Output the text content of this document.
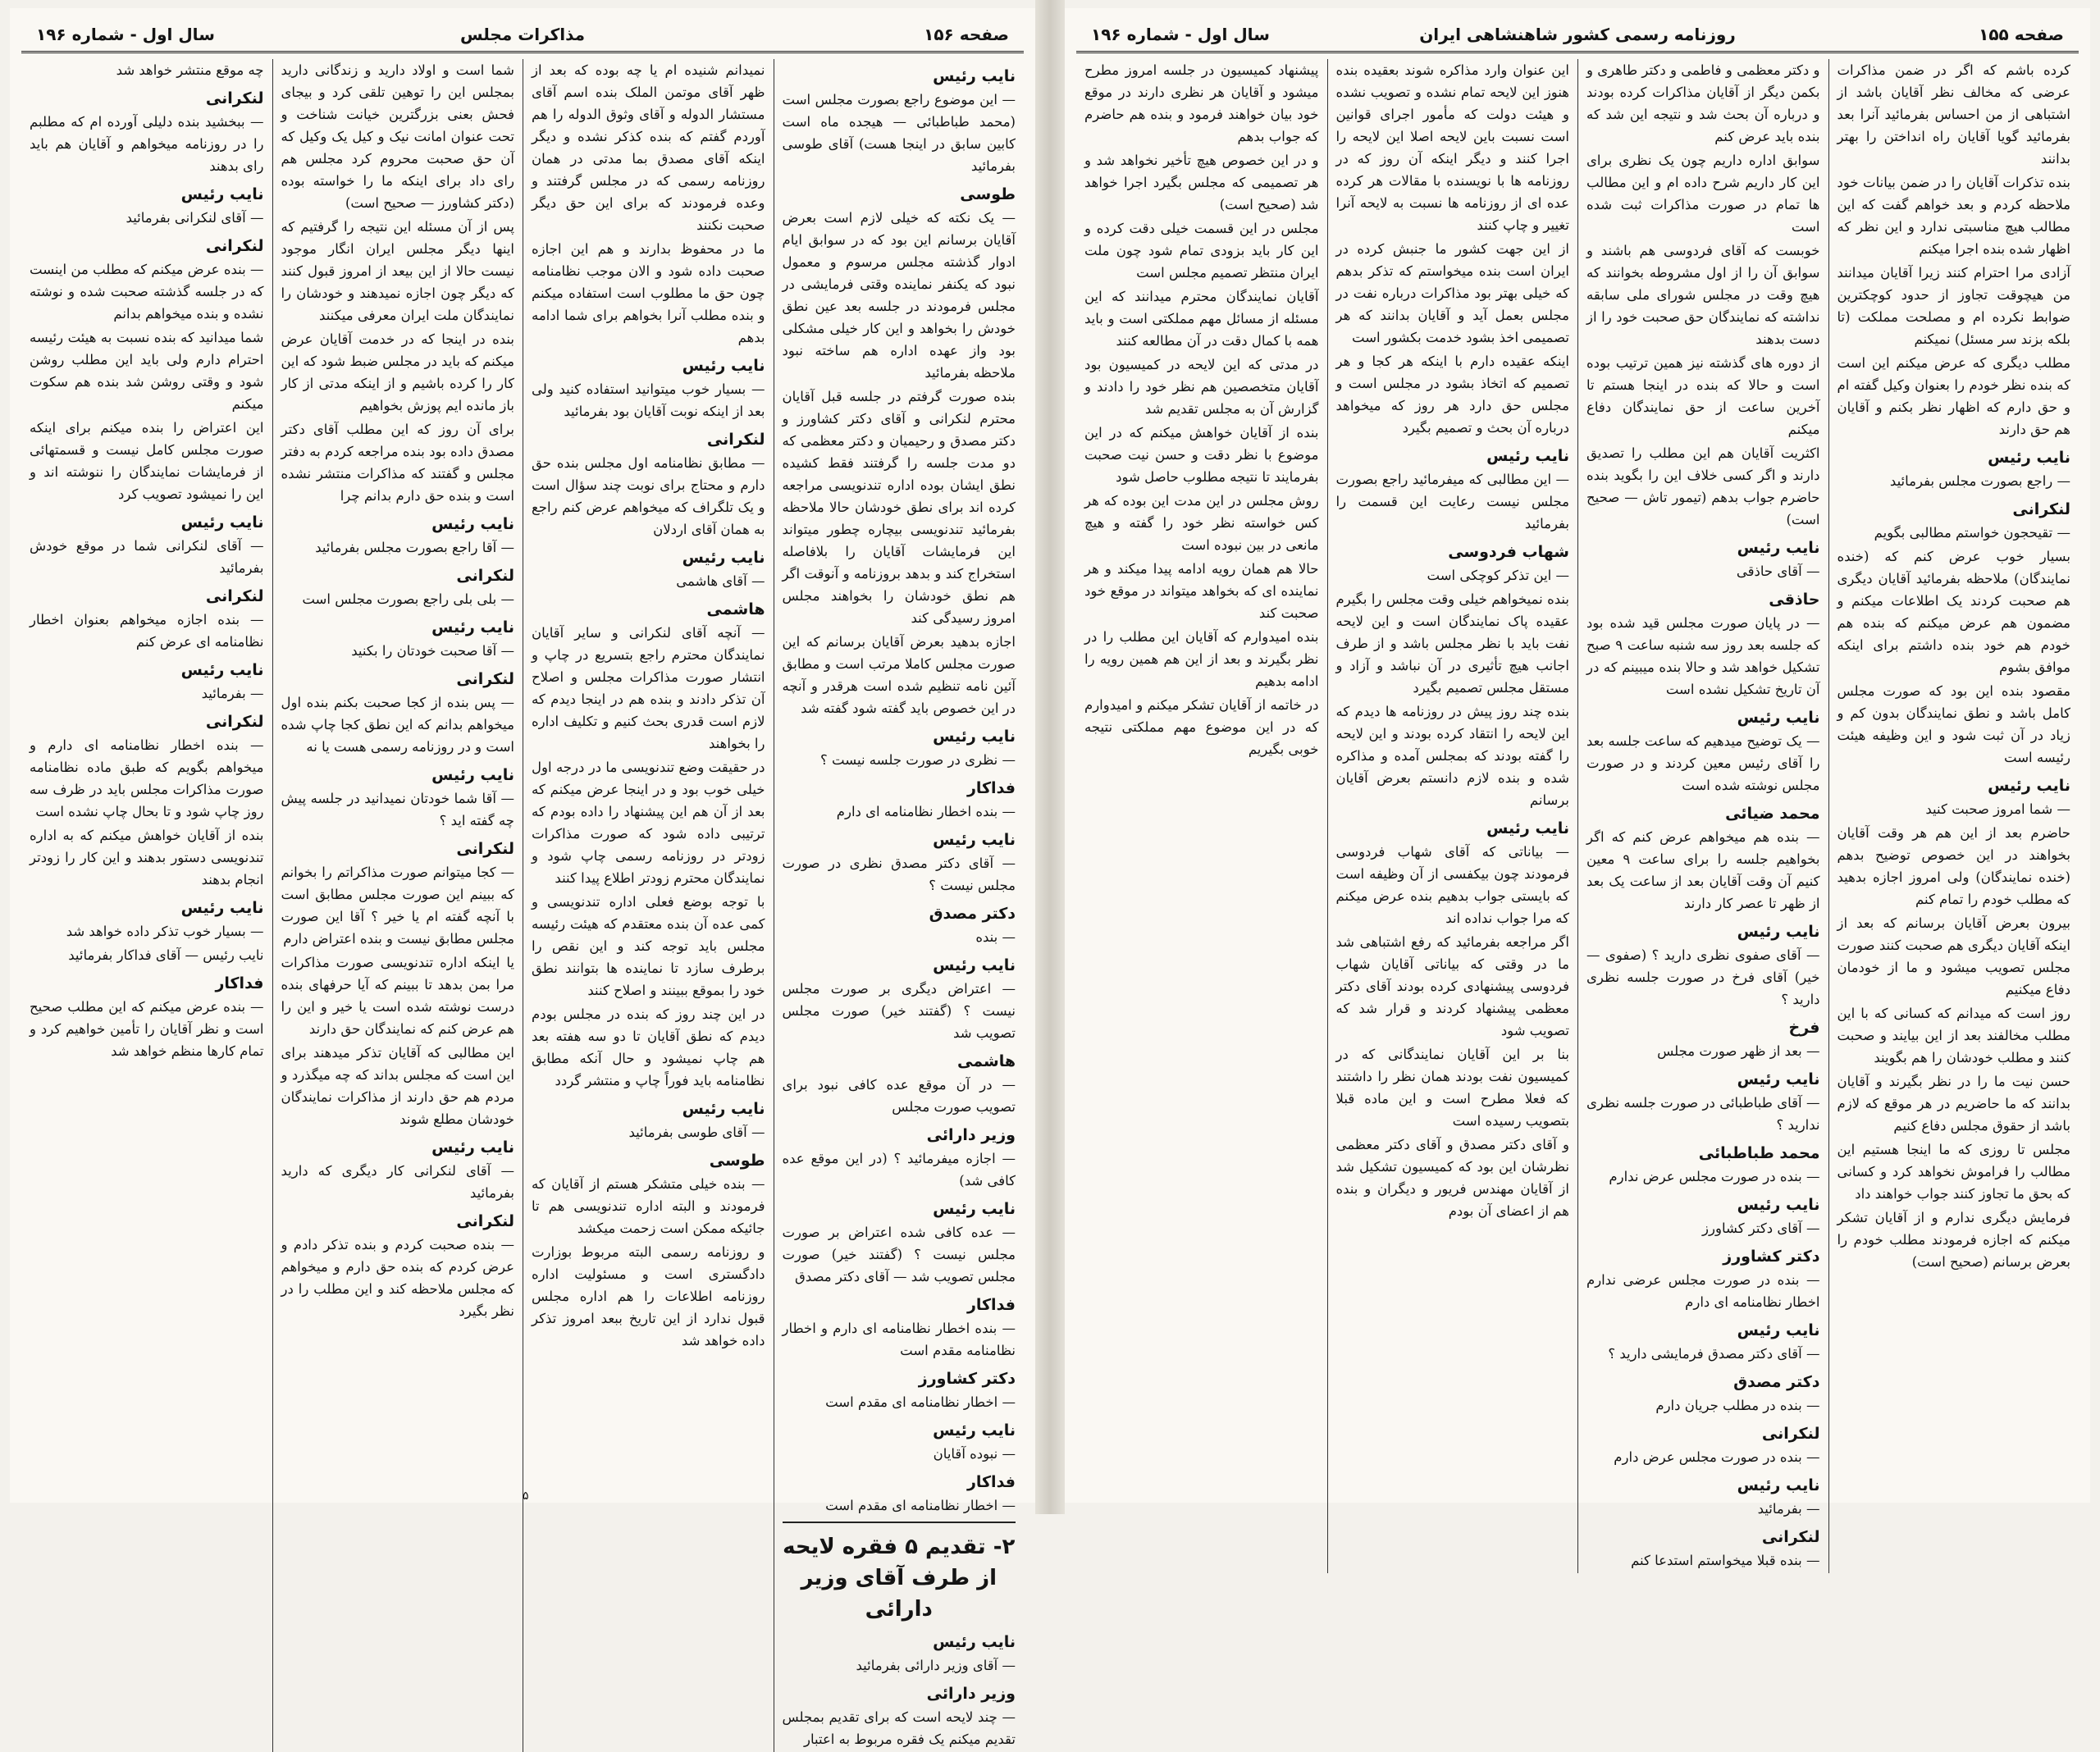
صفحه ۱۵۶
مذاکرات مجلس
سال اول - شماره ۱۹۶
نایب رئیس
— این موضوع راجع بصورت مجلس است (محمد طباطبائی — هیجده ماه است کابین سابق در اینجا هست) آقای طوسی بفرمائید
طوسی
— یک نکته که خیلی لازم است بعرض آقایان برسانم این بود که در سوابق ایام ادوار گذشته مجلس مرسوم و معمول نبود که یکنفر نماینده وقتی فرمایشی در مجلس فرمودند در جلسه بعد عین نطق خودش را بخواهد و این کار خیلی مشکلی بود واز عهده اداره هم ساخته نبود ملاحظه بفرمائید
بنده صورت گرفتم در جلسه قبل آقایان محترم لنکرانی و آقای دکتر کشاورز و دکتر مصدق و رحیمیان و دکتر معظمی که دو مدت جلسه را گرفتند فقط کشیده نطق ایشان بوده اداره تندنویسی مراجعه کرده اند برای نطق خودشان حالا ملاحظه بفرمائید تندنویسی بیچاره چطور میتواند این فرمایشات آقایان را بلافاصله استخراج کند و بدهد بروزنامه و آنوقت اگر هم نطق خودشان را بخواهند مجلس امروز رسیدگی کند
اجازه بدهید بعرض آقایان برسانم که این صورت مجلس کاملا مرتب است و مطابق آئین نامه تنظیم شده است هرقدر و آنچه در این خصوص باید گفته شود گفته شد
نایب رئیس
— نظری در صورت جلسه نیست ؟
فداکار
— بنده اخطار نظامنامه ای دارم
نایب رئیس
— آقای دکتر مصدق نظری در صورت مجلس نیست ؟
دکتر مصدق
— بنده
نایب رئیس
— اعتراض دیگری بر صورت مجلس نیست ؟ (گفتند خیر) صورت مجلس تصویب شد
هاشمی
— در آن موقع عده کافی نبود برای تصویب صورت مجلس
وزیر دارائی
— اجازه میفرمائید ؟ (در این موقع عده کافی شد)
نایب رئیس
— عده کافی شده اعتراض بر صورت مجلس نیست ؟ (گفتند خیر) صورت مجلس تصویب شد — آقای دکتر مصدق
فداکار
— بنده اخطار نظامنامه ای دارم و اخطار نظامنامه مقدم است
دکتر کشاورز
— اخطار نظامنامه ای مقدم است
نایب رئیس
— نبوده آقایان
فداکار
— اخطار نظامنامه ای مقدم است
۲- تقدیم ۵ فقره لایحه از طرف آقای وزیر دارائی
نایب رئیس
— آقای وزیر دارائی بفرمائید
وزیر دارائی
— چند لایحه است که برای تقدیم بمجلس تقدیم میکنم یک فقره مربوط به اعتبار
نمیدانم شنیده ام یا چه بوده که بعد از ظهر آقای موتمن الملک بنده اسم آقای مستشار الدوله و آقای وثوق الدوله را هم آوردم گفتم که بنده کذکر نشده و دیگر اینکه آقای مصدق بما مدتی در همان روزنامه رسمی که در مجلس گرفتند و وعده فرمودند که برای این حق دیگر صحبت نکنند
ما در محفوظ بدارند و هم این اجازه صحبت داده شود و الان موجب نظامنامه چون حق ما مطلوب است استفاده میکنم و بنده مطلب آنرا بخواهم برای شما ادامه بدهم
نایب رئیس
— بسیار خوب میتوانید استفاده کنید ولی بعد از اینکه نوبت آقایان بود بفرمائید
لنکرانی
— مطابق نظامنامه اول مجلس بنده حق دارم و محتاج برای نوبت چند سؤال است و یک تلگراف که میخواهم عرض کنم راجع به همان آقای اردلان
نایب رئیس
— آقای هاشمی
هاشمی
— آنچه آقای لنکرانی و سایر آقایان نمایندگان محترم راجع بتسریع در چاپ و انتشار صورت مذاکرات مجلس و اصلاح آن تذکر دادند و بنده هم در اینجا دیدم که لازم است قدری بحث کنیم و تکلیف اداره را بخواهند
در حقیقت وضع تندنویسی ما در درجه اول خیلی خوب بود و در اینجا عرض میکنم که بعد از آن هم این پیشنهاد را داده بودم که ترتیبی داده شود که صورت مذاکرات زودتر در روزنامه رسمی چاپ شود و نمایندگان محترم زودتر اطلاع پیدا کنند
با توجه بوضع فعلی اداره تندنویسی و کمی عده آن بنده معتقدم که هیئت رئیسه مجلس باید توجه کند و این نقص را برطرف سازد تا نماینده ها بتوانند نطق خود را بموقع ببینند و اصلاح کنند
در این چند روز که بنده در مجلس بودم دیدم که نطق آقایان تا دو سه هفته بعد هم چاپ نمیشود و حال آنکه مطابق نظامنامه باید فوراً چاپ و منتشر گردد
نایب رئیس
— آقای طوسی بفرمائید
طوسی
— بنده خیلی متشکر هستم از آقایان که فرمودند و البته اداره تندنویسی هم تا جائیکه ممکن است زحمت میکشد
و روزنامه رسمی البته مربوط بوزارت دادگستری است و مسئولیت اداره روزنامه اطلاعات را هم اداره مجلس قبول ندارد از این تاریخ ببعد امروز تذکر داده خواهد شد
شما است و اولاد دارید و زندگانی دارید بمجلس این را توهین تلقی کرد و بیجای فحش بعنی بزرگترین خیانت شناخت و تحت عنوان امانت نیک و کیل یک وکیل که آن حق صحبت محروم کرد مجلس هم رای داد برای اینکه ما را خواسته بوده (دکتر کشاورز — صحیح است)
پس از آن مسئله این نتیجه را گرفتیم که اینها دیگر مجلس ایران انگار موجود نیست حالا از این بیعد از امروز قبول کنند که دیگر چون اجازه نمیدهند و خودشان را نمایندگان ملت ایران معرفی میکنند
بنده در اینجا که در خدمت آقایان عرض میکنم که باید در مجلس ضبط شود که این کار را کرده باشیم و از اینکه مدتی از کار باز مانده ایم پوزش بخواهیم
برای آن روز که این مطلب آقای دکتر مصدق داده بود بنده مراجعه کردم به دفتر مجلس و گفتند که مذاکرات منتشر نشده است و بنده حق دارم بدانم چرا
نایب رئیس
— آقا راجع بصورت مجلس بفرمائید
لنکرانی
— بلی بلی راجع بصورت مجلس است
نایب رئیس
— آقا صحبت خودتان را بکنید
لنکرانی
— پس بنده از کجا صحبت بکنم بنده اول میخواهم بدانم که این نطق کجا چاپ شده است و در روزنامه رسمی هست یا نه
نایب رئیس
— آقا شما خودتان نمیدانید در جلسه پیش چه گفته اید ؟
لنکرانی
— کجا میتوانم صورت مذاکراتم را بخوانم که ببینم این صورت مجلس مطابق است با آنچه گفته ام یا خیر ؟ آقا این صورت مجلس مطابق نیست و بنده اعتراض دارم
یا اینکه اداره تندنویسی صورت مذاکرات مرا بمن بدهد تا ببینم که آیا حرفهای بنده درست نوشته شده است یا خیر و این را هم عرض کنم که نمایندگان حق دارند
این مطالبی که آقایان تذکر میدهند برای این است که مجلس بداند که چه میگذرد و مردم هم حق دارند از مذاکرات نمایندگان خودشان مطلع شوند
نایب رئیس
— آقای لنکرانی کار دیگری که دارید بفرمائید
لنکرانی
— بنده صحبت کردم و بنده تذکر دادم و عرض کردم که بنده حق دارم و میخواهم که مجلس ملاحظه کند و این مطلب را در نظر بگیرد
چه موقع منتشر خواهد شد
لنکرانی
— ببخشید بنده دلیلی آورده ام که مطلبم را در روزنامه میخواهم و آقایان هم باید رای بدهند
نایب رئیس
— آقای لنکرانی بفرمائید
لنکرانی
— بنده عرض میکنم که مطلب من اینست که در جلسه گذشته صحبت شده و نوشته نشده و بنده میخواهم بدانم
شما میدانید که بنده نسبت به هیئت رئیسه احترام دارم ولی باید این مطلب روشن شود و وقتی روشن شد بنده هم سکوت میکنم
این اعتراض را بنده میکنم برای اینکه صورت مجلس کامل نیست و قسمتهائی از فرمایشات نمایندگان را ننوشته اند و این را نمیشود تصویب کرد
نایب رئیس
— آقای لنکرانی شما در موقع خودش بفرمائید
لنکرانی
— بنده اجازه میخواهم بعنوان اخطار نظامنامه ای عرض کنم
نایب رئیس
— بفرمائید
لنکرانی
— بنده اخطار نظامنامه ای دارم و میخواهم بگویم که طبق ماده نظامنامه صورت مذاکرات مجلس باید در ظرف سه روز چاپ شود و تا بحال چاپ نشده است
بنده از آقایان خواهش میکنم که به اداره تندنویسی دستور بدهند و این کار را زودتر انجام بدهند
نایب رئیس
— بسیار خوب تذکر داده خواهد شد
نایب رئیس — آقای فداکار بفرمائید
فداکار
— بنده عرض میکنم که این مطلب صحیح است و نظر آقایان را تأمین خواهیم کرد و تمام کارها منظم خواهد شد
۵
صفحه ۱۵۵
روزنامه رسمی کشور شاهنشاهی ایران
سال اول - شماره ۱۹۶
کرده باشم که اگر در ضمن مذاکرات عرضی که مخالف نظر آقایان باشد از اشتباهی از من احساس بفرمائید آنرا بعد بفرمائید گویا آقایان راه انداختن را بهتر بدانند
بنده تذکرات آقایان را در ضمن بیانات خود ملاحظه کردم و بعد خواهم گفت که این مطالب هیچ مناسبتی ندارد و این نظر که اظهار شده بنده اجرا میکنم
آزادی مرا احترام کنند زیرا آقایان میدانند من هیچوقت تجاوز از حدود کوچکترین ضوابط نکرده ام و مصلحت مملکت (تا بلکه بزند سر مسئل) نمیکنم
مطلب دیگری که عرض میکنم این است که بنده نظر خودم را بعنوان وکیل گفته ام و حق دارم که اظهار نظر بکنم و آقایان هم حق دارند
نایب رئیس
— راجع بصورت مجلس بفرمائید
لنکرانی
— تقیحجون خواستم مطالبی بگویم
بسیار خوب عرض کنم که (خنده نمایندگان) ملاحظه بفرمائید آقایان دیگری هم صحبت کردند یک اطلاعات میکنم و مضمون هم عرض میکنم که بنده هم خودم هم خود بنده داشتم برای اینکه موافق بشوم
مقصود بنده این بود که صورت مجلس کامل باشد و نطق نمایندگان بدون کم و زیاد در آن ثبت شود و این وظیفه هیئت رئیسه است
نایب رئیس
— شما امروز صحبت کنید
حاضرم بعد از این هم هر وقت آقایان بخواهند در این خصوص توضیح بدهم (خنده نمایندگان) ولی امروز اجازه بدهید که مطلب خودم را تمام کنم
بیرون بعرض آقایان برسانم که بعد از اینکه آقایان دیگری هم صحبت کنند صورت مجلس تصویب میشود و ما از خودمان دفاع میکنیم
روز است که میدانم که کسانی که با این مطلب مخالفند بعد از این بیایند و صحبت کنند و مطلب خودشان را هم بگویند
حسن نیت ما را در نظر بگیرند و آقایان بدانند که ما حاضریم در هر موقع که لازم باشد از حقوق مجلس دفاع کنیم
مجلس تا روزی که ما اینجا هستیم این مطالب را فراموش نخواهد کرد و کسانی که بحق ما تجاوز کنند جواب خواهند داد
فرمایش دیگری ندارم و از آقایان تشکر میکنم که اجازه فرمودند مطلب خودم را بعرض برسانم (صحیح است)
و دکتر معظمی و فاطمی و دکتر طاهری و بکمن دیگر از آقایان مذاکرات کرده بودند و درباره آن بحث شد و نتیجه این شد که بنده باید عرض کنم
سوابق اداره داریم چون یک نظری برای این کار داریم شرح داده ام و این مطالب ها تمام در صورت مذاکرات ثبت شده است
خوبست که آقای فردوسی هم باشند و سوابق آن را از اول مشروطه بخوانند که هیچ وقت در مجلس شورای ملی سابقه نداشته که نمایندگان حق صحبت خود را از دست بدهند
از دوره های گذشته نیز همین ترتیب بوده است و حالا که بنده در اینجا هستم تا آخرین ساعت از حق نمایندگان دفاع میکنم
اکثریت آقایان هم این مطلب را تصدیق دارند و اگر کسی خلاف این را بگوید بنده حاضرم جواب بدهم (تیمور تاش — صحیح است)
نایب رئیس
— آقای حاذقی
حاذقی
— در پایان صورت مجلس قید شده بود که جلسه بعد روز سه شنبه ساعت ۹ صبح تشکیل خواهد شد و حالا بنده میبینم که در آن تاریخ تشکیل نشده است
نایب رئیس
— یک توضیح میدهیم که ساعت جلسه بعد را آقای رئیس معین کردند و در صورت مجلس نوشته شده است
محمد ضیائی
— بنده هم میخواهم عرض کنم که اگر بخواهیم جلسه را برای ساعت ۹ معین کنیم آن وقت آقایان بعد از ساعت یک بعد از ظهر تا عصر کار دارند
نایب رئیس
— آقای صفوی نظری دارید ؟ (صفوی — خیر) آقای فرخ در صورت جلسه نظری دارید ؟
فرخ
— بعد از ظهر صورت مجلس
نایب رئیس
— آقای طباطبائی در صورت جلسه نظری ندارید ؟
محمد طباطبائی
— بنده در صورت مجلس عرض ندارم
نایب رئیس
— آقای دکتر کشاورز
دکتر کشاورز
— بنده در صورت مجلس عرضی ندارم اخطار نظامنامه ای دارم
نایب رئیس
— آقای دکتر مصدق فرمایشی دارید ؟
دکتر مصدق
— بنده در مطلب جریان دارم
لنکرانی
— بنده در صورت مجلس عرض دارم
نایب رئیس
— بفرمائید
لنکرانی
— بنده قبلا میخواستم استدعا کنم
این عنوان وارد مذاکره شوند بعقیده بنده هنوز این لایحه تمام نشده و تصویب نشده و هیئت دولت که مأمور اجرای قوانین است نسبت باین لایحه اصلا این لایحه را اجرا کنند و دیگر اینکه آن روز که در روزنامه ها با نویسنده با مقالات هر کرده عده ای از روزنامه ها نسبت به لایحه آنرا تغییر و چاپ کنند
از این جهت کشور ما جنبش کرده در ایران است بنده میخواستم که تذکر بدهم که خیلی بهتر بود مذاکرات درباره نفت در مجلس بعمل آید و آقایان بدانند که هر تصمیمی اخذ بشود خدمت بکشور است
اینکه عقیده دارم با اینکه هر کجا و هر تصمیم که اتخاذ بشود در مجلس است و مجلس حق دارد هر روز که میخواهد درباره آن بحث و تصمیم بگیرد
نایب رئیس
— این مطالبی که میفرمائید راجع بصورت مجلس نیست رعایت این قسمت را بفرمائید
شهاب فردوسی
— این تذکر کوچکی است
بنده نمیخواهم خیلی وقت مجلس را بگیرم عقیده پاک نمایندگان است و این لایحه نفت باید با نظر مجلس باشد و از طرف اجانب هیچ تأثیری در آن نباشد و آزاد و مستقل مجلس تصمیم بگیرد
بنده چند روز پیش در روزنامه ها دیدم که این لایحه را انتقاد کرده بودند و این لایحه را گفته بودند که بمجلس آمده و مذاکره شده و بنده لازم دانستم بعرض آقایان برسانم
نایب رئیس
— بیاناتی که آقای شهاب فردوسی فرمودند چون بیکفسی از آن وظیفه است که بایستی جواب بدهیم بنده عرض میکنم که مرا جواب نداده اند
اگر مراجعه بفرمائید که رفع اشتباهی شد ما در وقتی که بیاناتی آقایان شهاب فردوسی پیشنهادی کرده بودند آقای دکتر معظمی پیشنهاد کردند و قرار شد که تصویب شود
بنا بر این آقایان نمایندگانی که در کمیسیون نفت بودند همان نظر را داشتند که فعلا مطرح است و این ماده قبلا بتصویب رسیده است
و آقای دکتر مصدق و آقای دکتر معظمی نظرشان این بود که کمیسیون تشکیل شد از آقایان مهندس فریور و دیگران و بنده هم از اعضای آن بودم
پیشنهاد کمیسیون در جلسه امروز مطرح میشود و آقایان هر نظری دارند در موقع خود بیان خواهند فرمود و بنده هم حاضرم که جواب بدهم
و در این خصوص هیچ تأخیر نخواهد شد و هر تصمیمی که مجلس بگیرد اجرا خواهد شد (صحیح است)
مجلس در این قسمت خیلی دقت کرده و این کار باید بزودی تمام شود چون ملت ایران منتظر تصمیم مجلس است
آقایان نمایندگان محترم میدانند که این مسئله از مسائل مهم مملکتی است و باید همه با کمال دقت در آن مطالعه کنند
در مدتی که این لایحه در کمیسیون بود آقایان متخصصین هم نظر خود را دادند و گزارش آن به مجلس تقدیم شد
بنده از آقایان خواهش میکنم که در این موضوع با نظر دقت و حسن نیت صحبت بفرمایند تا نتیجه مطلوب حاصل شود
روش مجلس در این مدت این بوده که هر کس خواسته نظر خود را گفته و هیچ مانعی در بین نبوده است
حالا هم همان رویه ادامه پیدا میکند و هر نماینده ای که بخواهد میتواند در موقع خود صحبت کند
بنده امیدوارم که آقایان این مطلب را در نظر بگیرند و بعد از این هم همین رویه را ادامه بدهیم
در خاتمه از آقایان تشکر میکنم و امیدوارم که در این موضوع مهم مملکتی نتیجه خوبی بگیریم
